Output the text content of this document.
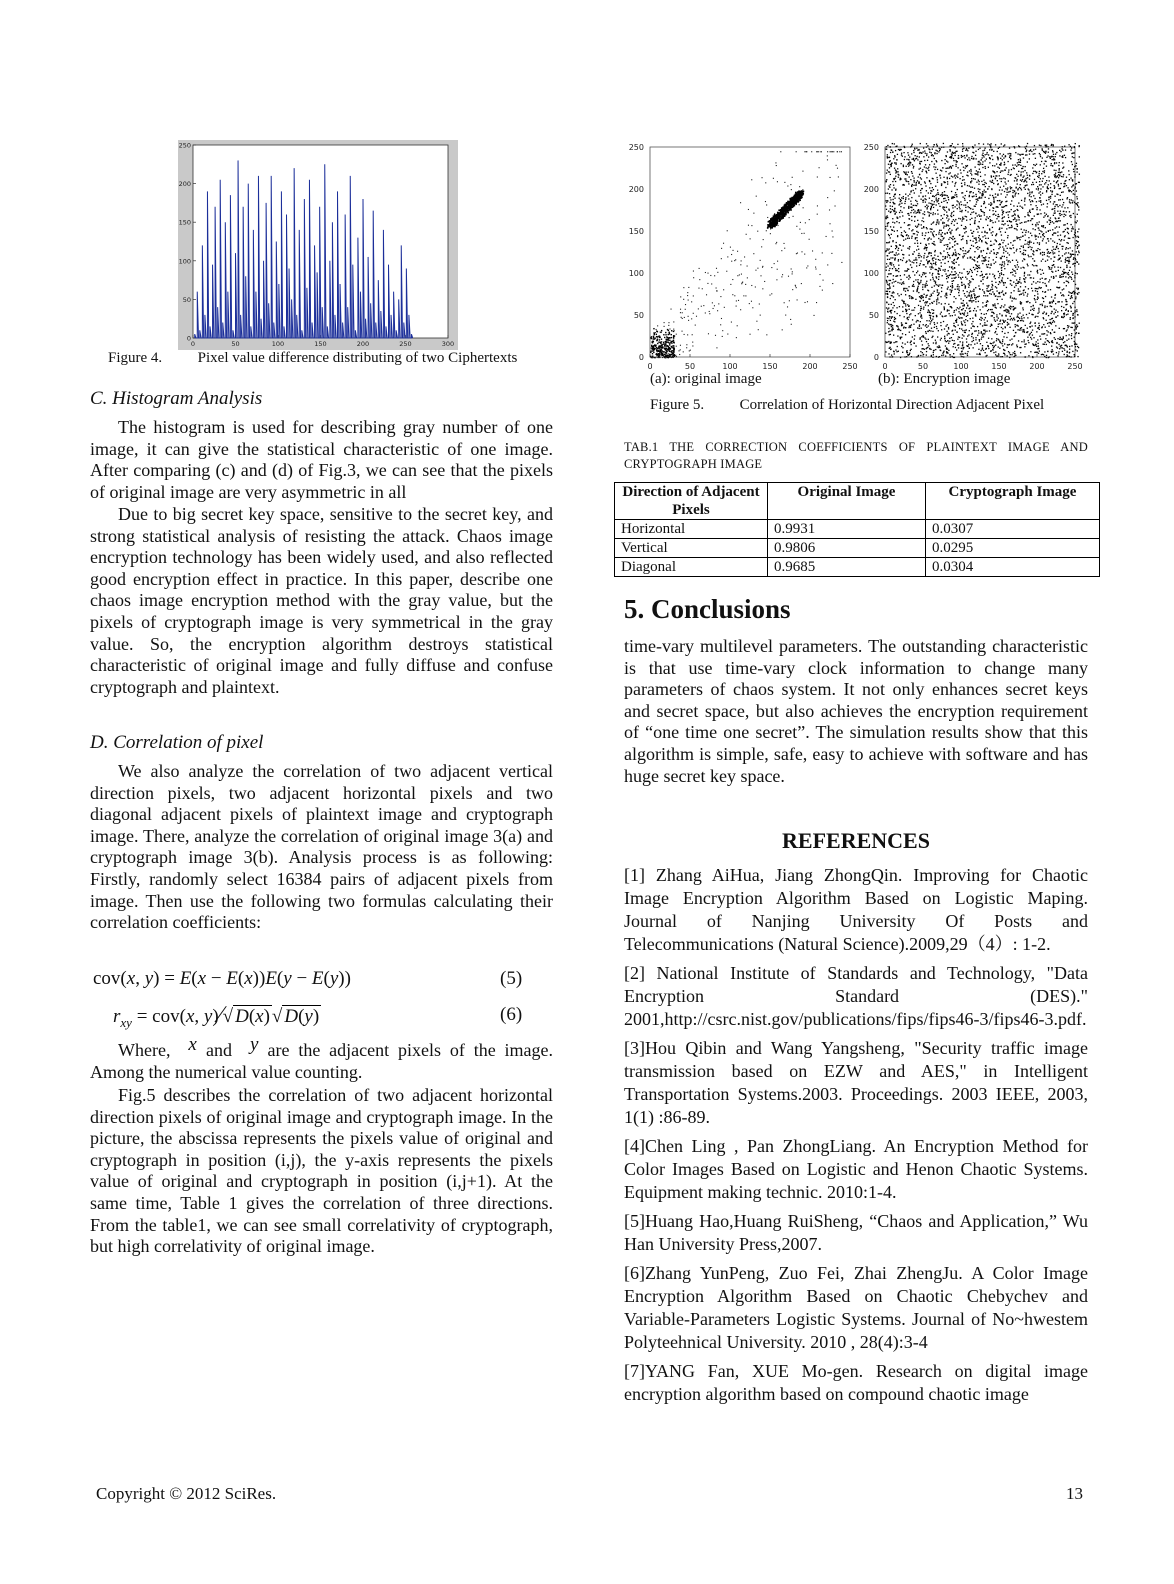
250
200
150
100
50
0
0	50	100	150	200	250	300
Figure 4. Pixel value difference distributing of two Ciphertexts
C. Histogram Analysis

The histogram is used for describing gray number of one image, it can give the statistical characteristic of one image. After comparing (c) and (d) of Fig.3, we can see that the pixels of original image are very asymmetric in all

Due to big secret key space, sensitive to the secret key, and strong statistical analysis of resisting the attack. Chaos image encryption technology has been widely used, and also reflected good encryption effect in practice. In this paper, describe one chaos image encryption method with the gray value, but the pixels of cryptograph image is very symmetrical in the gray value. So, the encryption algorithm destroys statistical characteristic of original image and fully diffuse and confuse cryptograph and plaintext.

D. Correlation of pixel

We also analyze the correlation of two adjacent vertical direction pixels, two adjacent horizontal pixels and two diagonal adjacent pixels of plaintext image and cryptograph image. There, analyze the correlation of original image 3(a) and cryptograph image 3(b). Analysis process is as following: Firstly, randomly select 16384 pairs of adjacent pixels from image. Then use the following two formulas calculating their correlation coefficients:

cov(x, y) = E(x − E(x))E(y − E(y))	(5)
$r_{xy} = cov(x$, y)∕√ D(x) √ D(y)	(6)
Where,  x and  y are the adjacent pixels of the image. Among the numerical value counting.

Fig.5 describes the correlation of two adjacent horizontal direction pixels of original image and cryptograph image. In the picture, the abscissa represents the pixels value of original and cryptograph in position (i,j), the y-axis represents the pixels value of original and cryptograph in position (i,j+1). At the same time, Table 1 gives the correlation of three directions. From the table1, we can see small correlativity of cryptograph, but high correlativity of original image.

250
200
150
100
50
0
0	50	100	150	200	250
250
200
150
100
50
0
0	50	100	150	200	250
(a): original image	(b): Encryption image
Figure 5. Correlation of Horizontal Direction Adjacent Pixel
TAB.1 THE CORRECTION COEFFICIENTS OF PLAINTEXT IMAGE AND CRYPTOGRAPH IMAGE
Direction of Adjacent Pixels	Original Image	Cryptograph Image
Horizontal	0.9931	0.0307
Vertical	0.9806	0.0295
Diagonal	0.9685	0.0304
5. Conclusions

time-vary multilevel parameters. The outstanding characteristic is that use time-vary clock information to change many parameters of chaos system. It not only enhances secret keys and secret space, but also achieves the encryption requirement of “one time one secret”. The simulation results show that this algorithm is simple, safe, easy to achieve with software and has huge secret key space.

REFERENCES

[1] Zhang AiHua, Jiang ZhongQin. Improving for Chaotic Image Encryption Algorithm Based on Logistic Maping. Journal of Nanjing University Of Posts and Telecommunications (Natural Science).2009,29（4）: 1-2.

[2] National Institute of Standards and Technology, "Data Encryption Standard (DES)." 2001,http://csrc.nist.gov/publications/fips/fips46-3/fips46-3.pdf.

[3]Hou Qibin and Wang Yangsheng, "Security traffic image transmission based on EZW and AES," in Intelligent Transportation Systems.2003. Proceedings. 2003 IEEE, 2003, 1(1) :86-89.

[4]Chen Ling , Pan ZhongLiang. An Encryption Method for Color Images Based on Logistic and Henon Chaotic Systems. Equipment making technic. 2010:1-4.

[5]Huang Hao,Huang RuiSheng, “Chaos and Application,” Wu Han University Press,2007.

[6]Zhang YunPeng, Zuo Fei, Zhai ZhengJu. A Color Image Encryption Algorithm Based on Chaotic Chebychev and Variable-Parameters Logistic Systems. Journal of No~hwestem Polyteehnical University. 2010 , 28(4):3-4

[7]YANG Fan, XUE Mo-gen. Research on digital image encryption algorithm based on compound chaotic image

Copyright © 2012 SciRes.	13
